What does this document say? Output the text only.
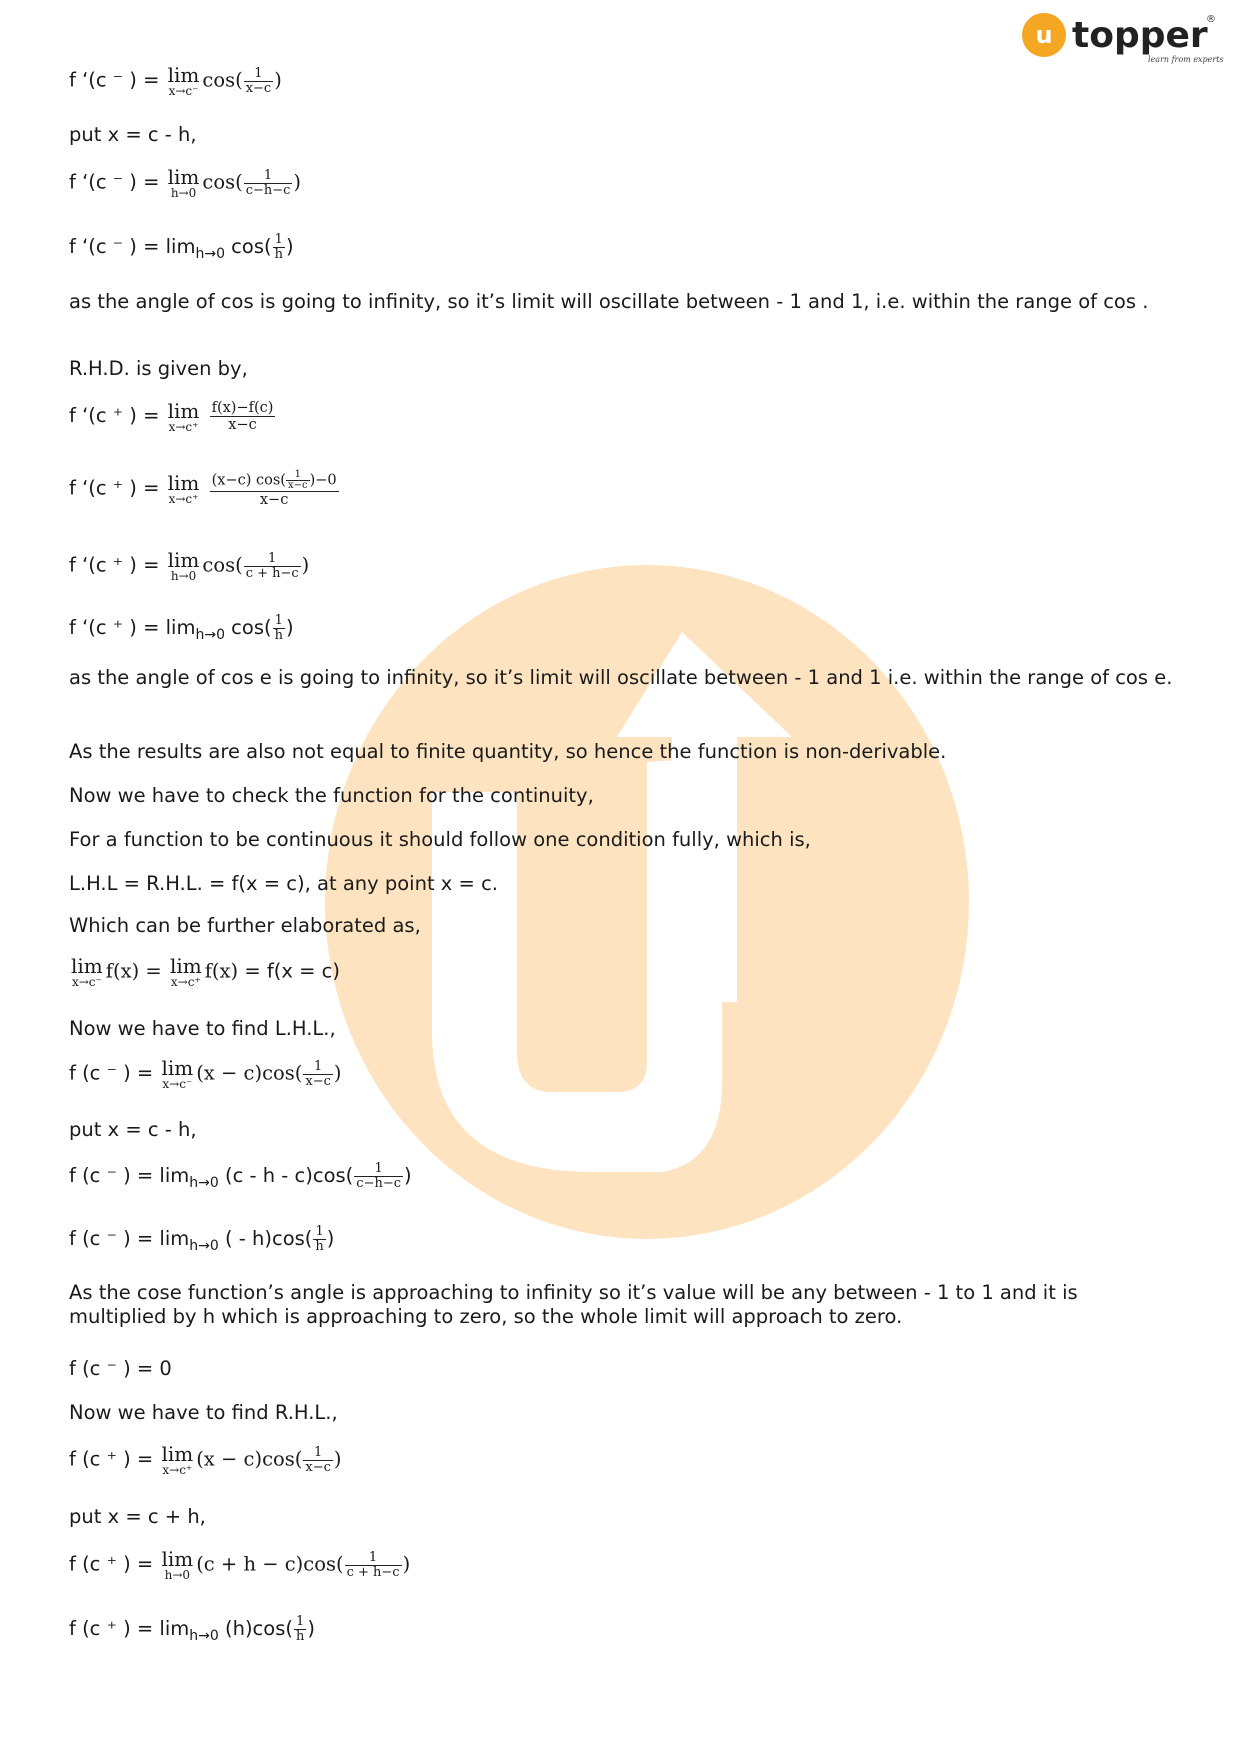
u topper
learn from experts
®
f ‘(c ⁻ ) = lim
x→c⁻ $\cos( \frac{1}{x-c}$ )
put x = c - h,
f ‘(c ⁻ ) = lim
h→0 $\cos( \frac{1}{c-h-c}$ )
f ‘(c ⁻ ) = $\lim_{h\to 0} \cos( \frac{1}{h}$ )
as the angle of cos is going to infinity, so it’s limit will oscillate between - 1 and 1, i.e. within the range of cos .
R.H.D. is given by,
f ‘(c ⁺ ) = lim
x→c⁺
$\frac{f(x)-f(c)}{x-c}$
f ‘(c ⁺ ) = lim
x→c⁺
$\frac{(x-c) \cos( \frac{1}{x-c} )-0}{x-c}$
f ‘(c ⁺ ) = lim
h→0 $\cos( \frac{1}{c + h-c}$ )
f ‘(c ⁺ ) = $\lim_{h\to 0} \cos( \frac{1}{h}$ )
as the angle of cos e is going to infinity, so it’s limit will oscillate between - 1 and 1 i.e. within the range of cos e.
As the results are also not equal to finite quantity, so hence the function is non-derivable.
Now we have to check the function for the continuity,
For a function to be continuous it should follow one condition fully, which is,
L.H.L = R.H.L. = f(x = c), at any point x = c.
Which can be further elaborated as,
lim
x→c⁻ f(x) = lim
x→c⁺ f(x) = f(x = c)
Now we have to find L.H.L.,
f (c ⁻ ) = lim
x→c⁻ $(x - c)\cos( \frac{1}{x-c}$ )
put x = c - h,
f (c ⁻ ) = $\lim_{h\to 0} (c$ - h - $c)\cos( \frac{1}{c-h-c}$ )
f (c ⁻ ) = $\lim_{h\to 0}$ ( - $h)\cos( \frac{1}{h}$ )
As the cose function’s angle is approaching to infinity so it’s value will be any between - 1 to 1 and it is multiplied by h which is approaching to zero, so the whole limit will approach to zero.
f (c ⁻ ) = 0
Now we have to find R.H.L.,
f (c ⁺ ) = lim
x→c⁺ $(x - c)\cos( \frac{1}{x-c}$ )
put x = c + h,
f (c ⁺ ) = lim
h→0 $(c + h - c)\cos( \frac{1}{c + h-c}$ )
f (c ⁺ ) = $\lim_{h\to 0} (h)\cos( \frac{1}{h}$ )
